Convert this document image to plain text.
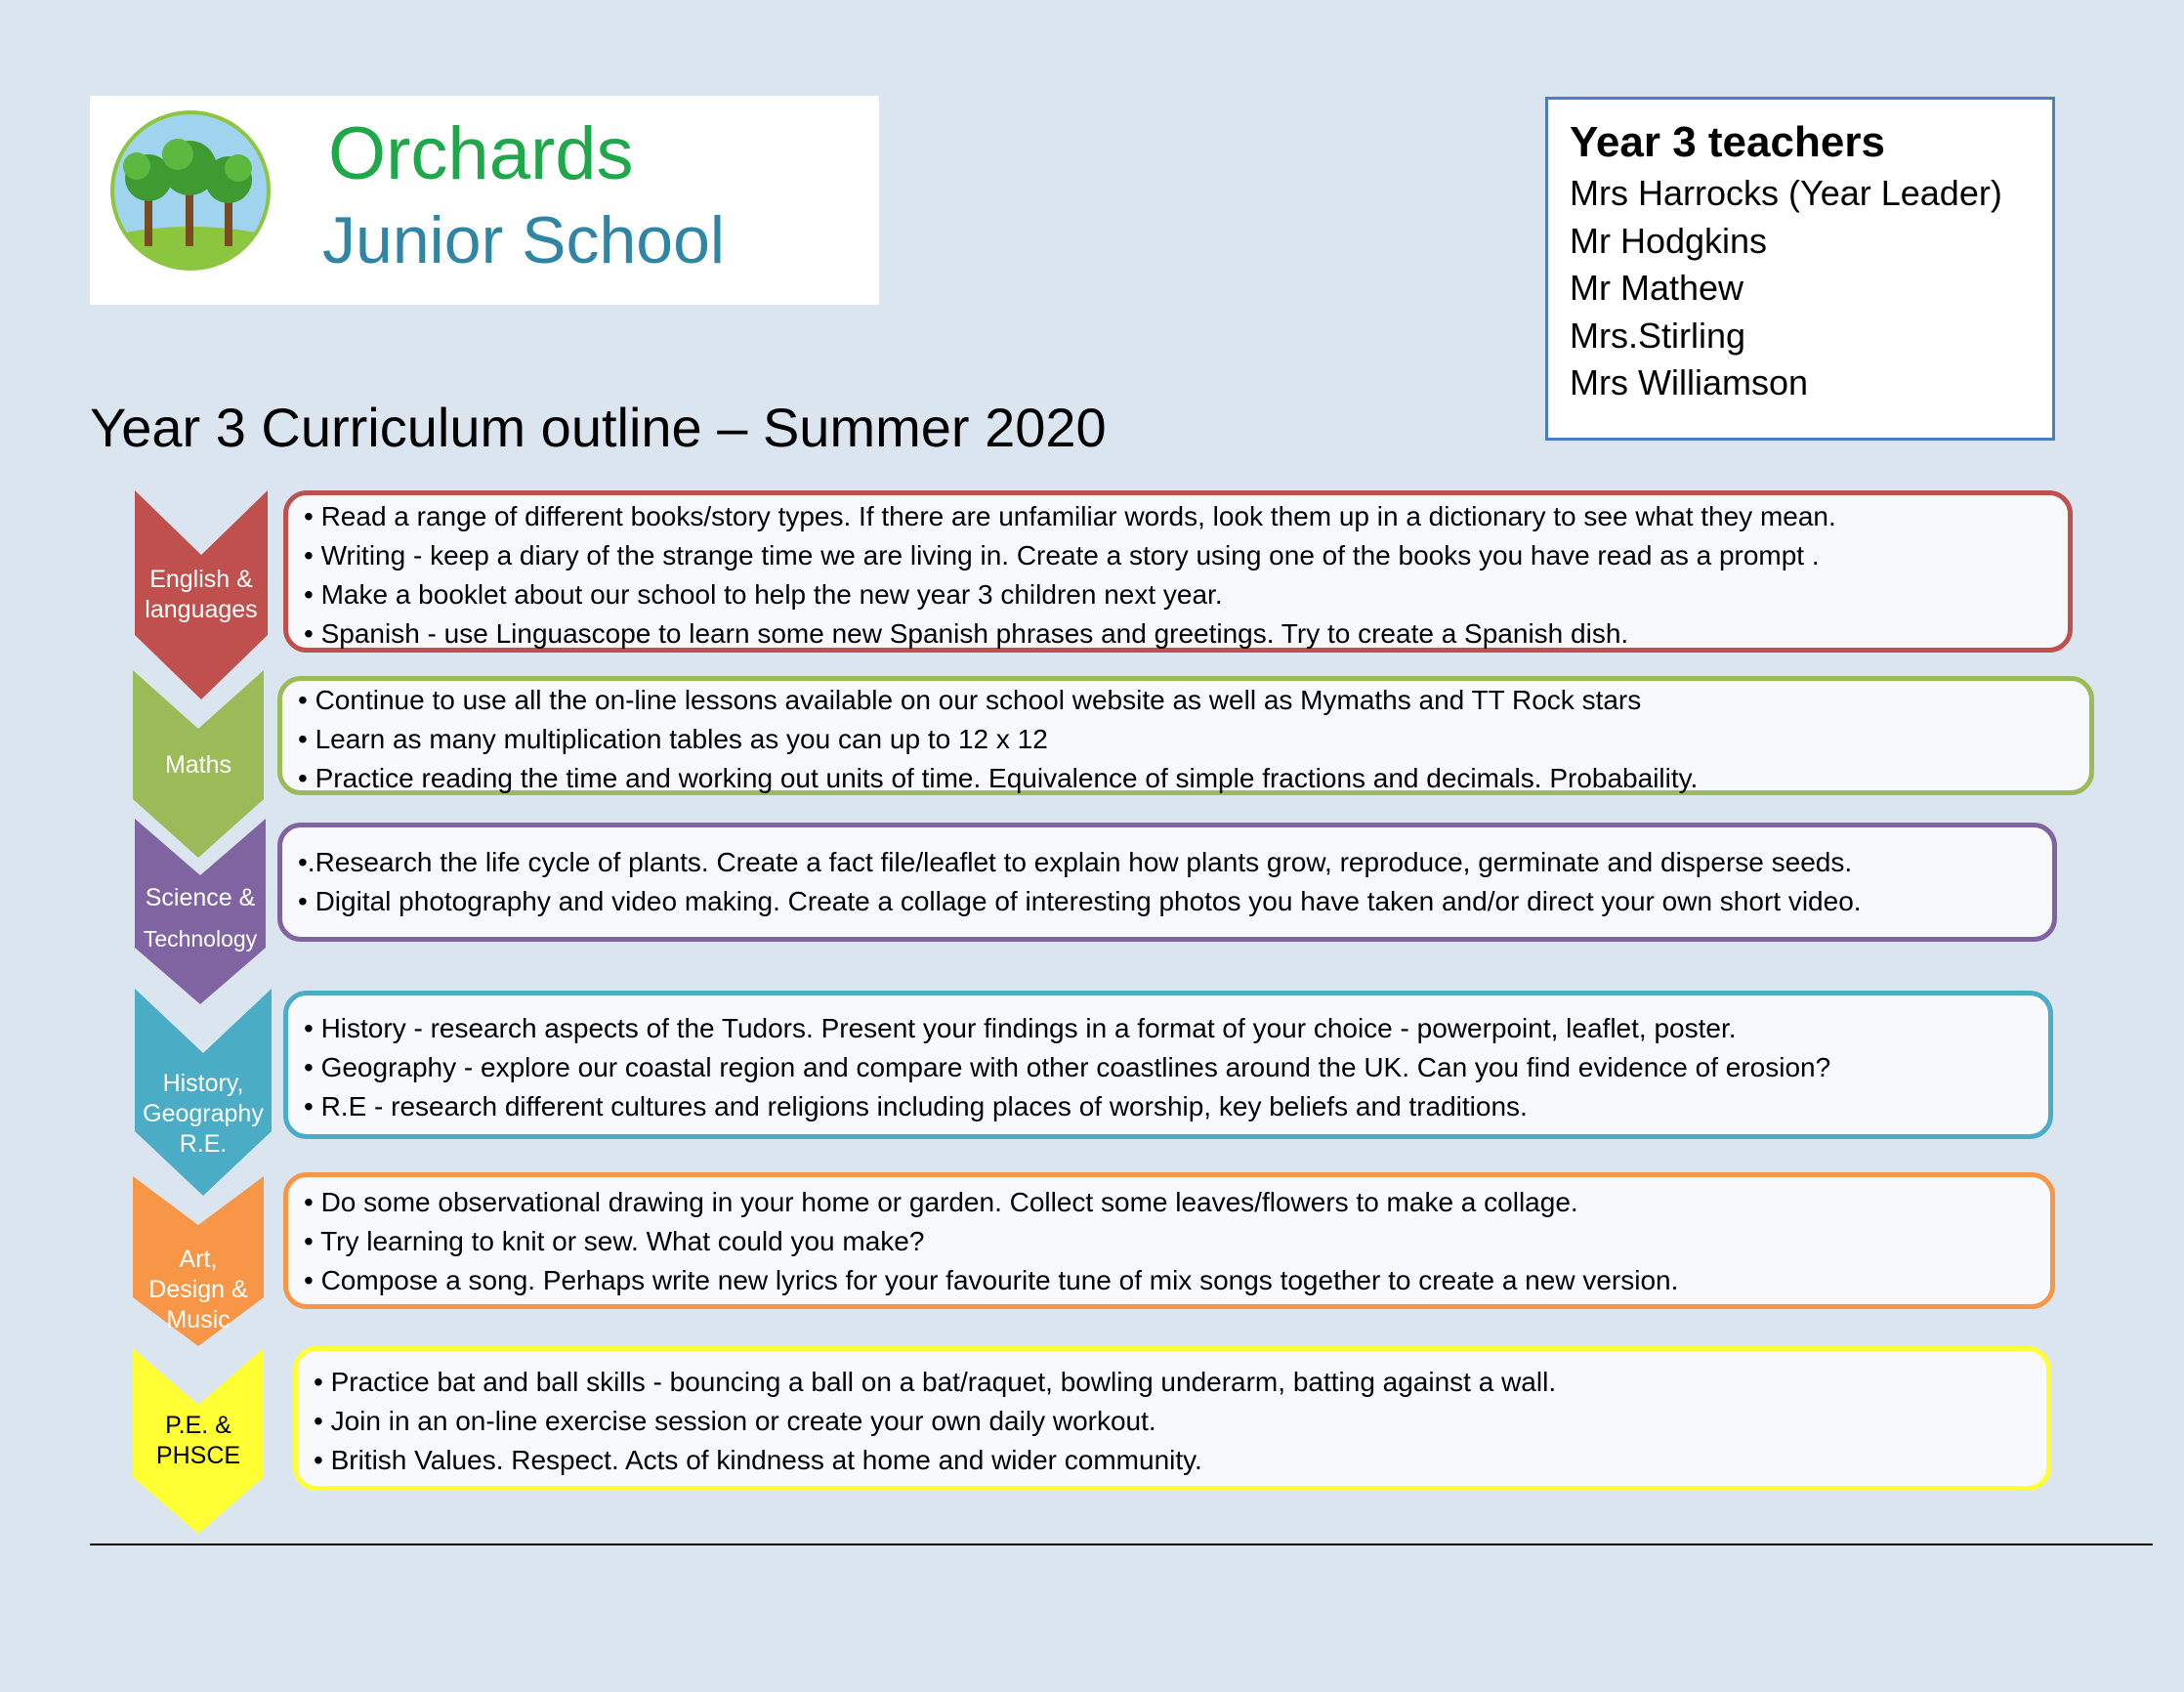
Orchards
Junior School
Year 3 teachers
Mrs Harrocks (Year Leader)
Mr Hodgkins
Mr Mathew
Mrs.Stirling
Mrs Williamson
Year 3 Curriculum outline – Summer 2020
English &
languages
• Read a range of different books/story types. If there are unfamiliar words, look them up in a dictionary to see what they mean.
• Writing - keep a diary of the strange time we are living in. Create a story using one of the books you have read as a prompt .
• Make a booklet about our school to help the new year 3 children next year.
• Spanish - use Linguascope to learn some new Spanish phrases and greetings. Try to create a Spanish dish.
Maths
• Continue to use all the on-line lessons available on our school website as well as Mymaths and TT Rock stars
• Learn as many multiplication tables as you can up to 12 x 12
• Practice reading the time and working out units of time. Equivalence of simple fractions and decimals. Probabaility.
Science &
Technology
•.Research the life cycle of plants. Create a fact file/leaflet to explain how plants grow, reproduce, germinate and disperse seeds.
• Digital photography and video making. Create a collage of interesting photos you have taken and/or direct your own short video.
History,
Geography
R.E.
• History - research aspects of the Tudors. Present your findings in a format of your choice - powerpoint, leaflet, poster.
• Geography - explore our coastal region and compare with other coastlines around the UK. Can you find evidence of erosion?
• R.E - research different cultures and religions including places of worship, key beliefs and traditions.
Art,
Design &
Music
• Do some observational drawing in your home or garden. Collect some leaves/flowers to make a collage.
• Try learning to knit or sew. What could you make?
• Compose a song. Perhaps write new lyrics for your favourite tune of mix songs together to create a new version.
P.E. &
PHSCE
• Practice bat and ball skills - bouncing a ball on a bat/raquet, bowling underarm, batting against a wall.
• Join in an on-line exercise session or create your own daily workout.
• British Values. Respect. Acts of kindness at home and wider community.
